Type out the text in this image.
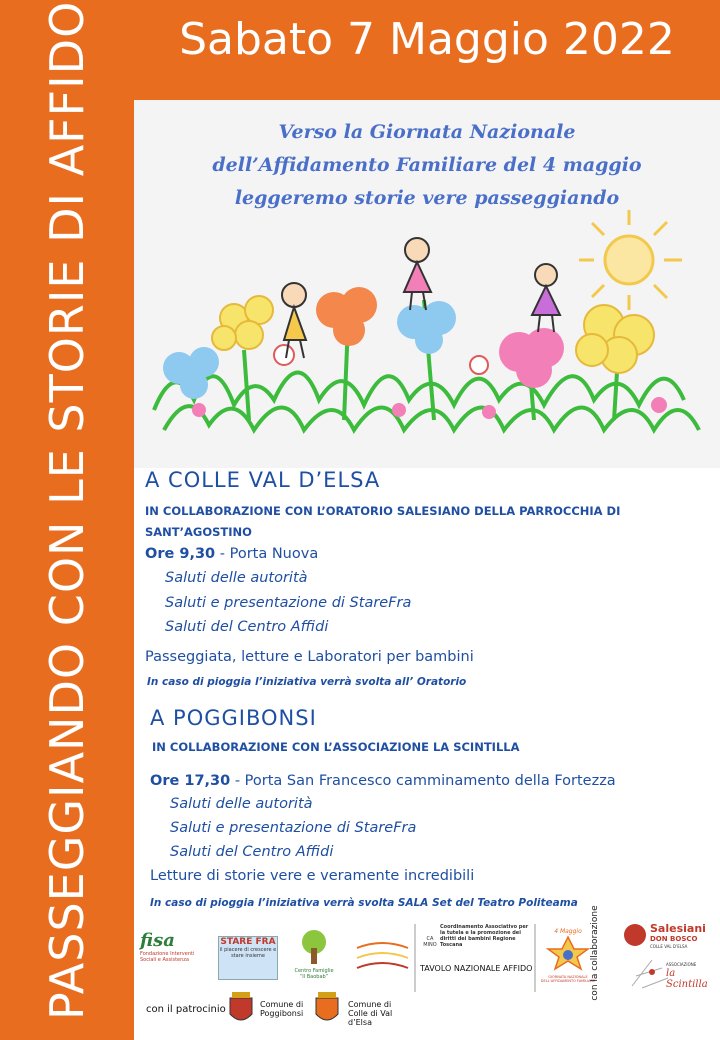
PASSEGGIANDO CON LE STORIE DI AFFIDO	Sabato 7 Maggio 2022
Verso la Giornata Nazionale
dell’Affidamento Familiare del 4 maggio
leggeremo storie vere passeggiando
A COLLE VAL D’ELSA
IN COLLABORAZIONE CON L’ORATORIO SALESIANO DELLA PARROCCHIA DI
SANT’AGOSTINO
Ore 9,30 - Porta Nuova
Saluti delle autorità
Saluti e presentazione di StareFra
Saluti del Centro Affidi
Passeggiata, letture e Laboratori per bambini
In caso di pioggia l’iniziativa verrà svolta all’ Oratorio
A POGGIBONSI
IN COLLABORAZIONE CON L’ASSOCIAZIONE LA SCINTILLA
Ore 17,30 - Porta San Francesco camminamento della Fortezza
Saluti delle autorità
Saluti e presentazione di StareFra
Saluti del Centro Affidi
Letture di storie vere e veramente incredibili
In caso di pioggia l’iniziativa verrà svolta SALA Set del Teatro Politeama
fisa
Fondazione Interventi Sociali e Assistenza
STARE FRA
il piacere di crescere e stare insieme
Centro Famiglie
“Il Baobab”
CA MINO
Coordinamento Associativo per la tutela e la promozione dei diritti dei bambini Regione Toscana
TAVOLO NAZIONALE AFFIDO
4 Maggio
GIORNATA NAZIONALE DELL’AFFIDAMENTO FAMILIARE
con la collaborazione	Salesiani
DON BOSCO
COLLE VAL D’ELSA
ASSOCIAZIONE
la Scintilla
con il patrocinio	Comune di Poggibonsi
Comune di Colle di Val d’Elsa
